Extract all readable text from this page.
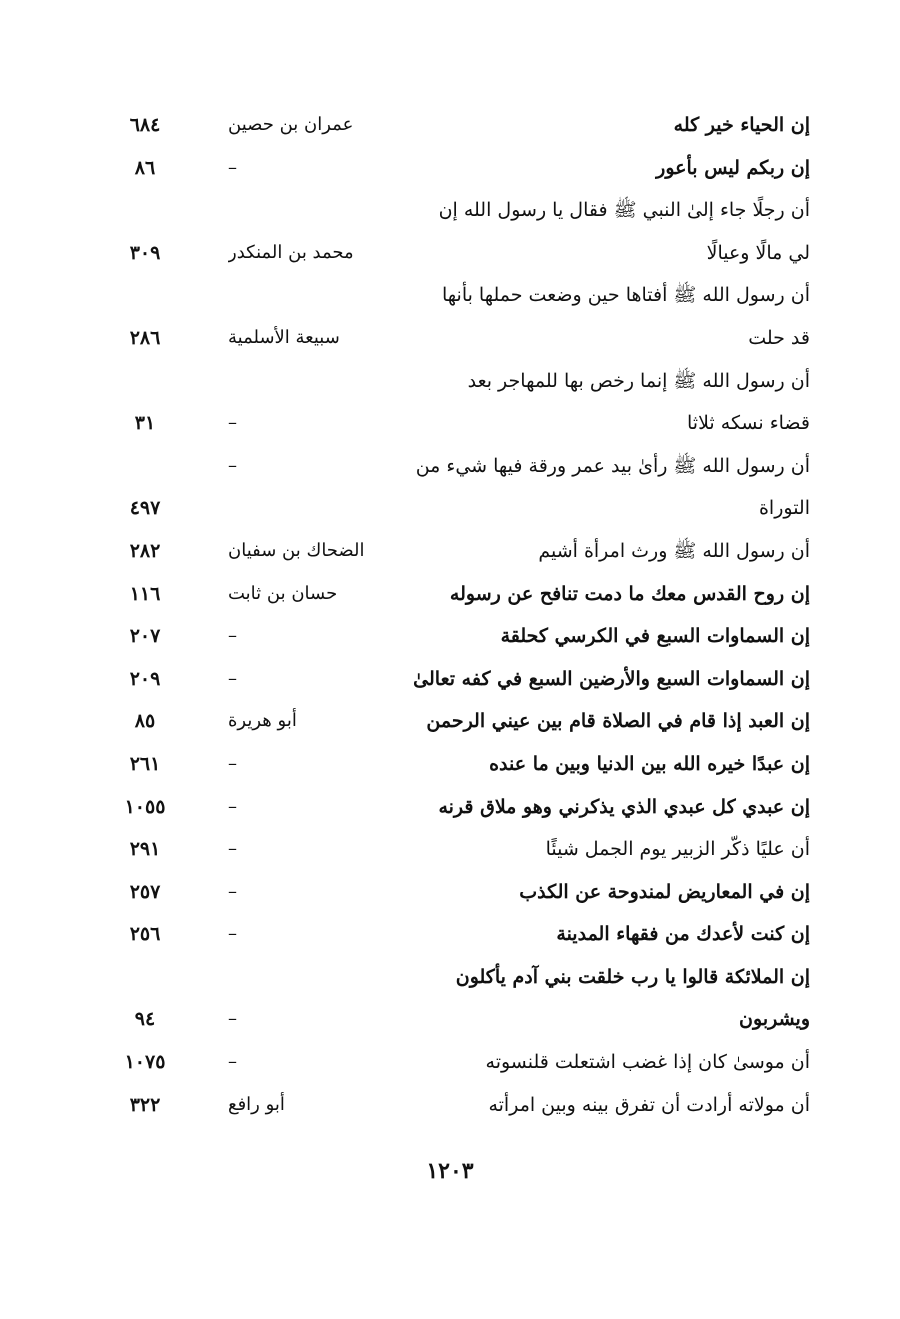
إن الحياء خير كله
عمران بن حصين
٦٨٤
إن ربكم ليس بأعور
–
٨٦
أن رجلًا جاء إلىٰ النبي ﷺ فقال يا رسول الله إن
لي مالًا وعيالًا
محمد بن المنكدر
٣٠٩
أن رسول الله ﷺ أفتاها حين وضعت حملها بأنها
قد حلت
سبيعة الأسلمية
٢٨٦
أن رسول الله ﷺ إنما رخص بها للمهاجر بعد
قضاء نسكه ثلاثا
–
٣١
أن رسول الله ﷺ رأىٰ بيد عمر ورقة فيها شيء من
–
التوراة
٤٩٧
أن رسول الله ﷺ ورث امرأة أشيم
الضحاك بن سفيان
٢٨٢
إن روح القدس معك ما دمت تنافح عن رسوله
حسان بن ثابت
١١٦
إن السماوات السبع في الكرسي كحلقة
–
٢٠٧
إن السماوات السبع والأرضين السبع في كفه تعالىٰ
–
٢٠٩
إن العبد إذا قام في الصلاة قام بين عيني الرحمن
أبو هريرة
٨٥
إن عبدًا خيره الله بين الدنيا وبين ما عنده
–
٢٦١
إن عبدي كل عبدي الذي يذكرني وهو ملاق قرنه
–
١٠٥٥
أن عليًا ذكّر الزبير يوم الجمل شيئًا
–
٢٩١
إن في المعاريض لمندوحة عن الكذب
–
٢٥٧
إن كنت لأعدك من فقهاء المدينة
–
٢٥٦
إن الملائكة قالوا يا رب خلقت بني آدم يأكلون
ويشربون
–
٩٤
أن موسىٰ كان إذا غضب اشتعلت قلنسوته
–
١٠٧٥
أن مولاته أرادت أن تفرق بينه وبين امرأته
أبو رافع
٣٢٢
١٢٠٣
